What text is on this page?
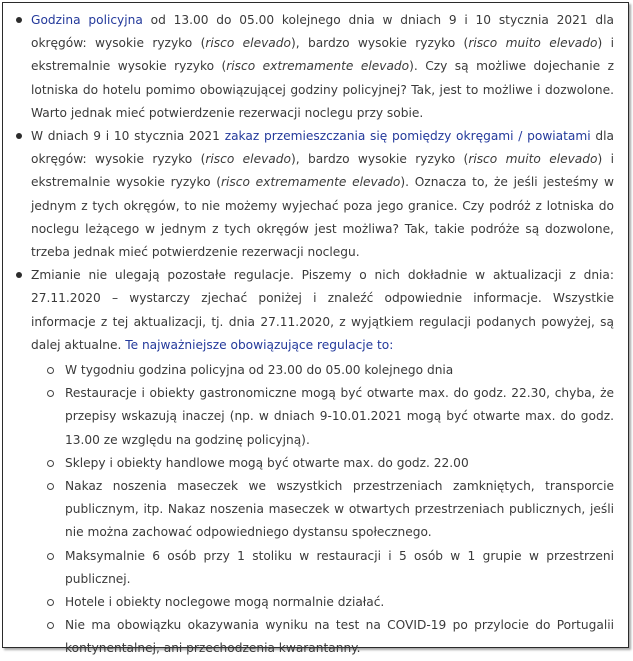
Godzina policyjna od 13.00 do 05.00 kolejnego dnia w dniach 9 i 10 stycznia 2021 dla okręgów: wysokie ryzyko (risco elevado), bardzo wysokie ryzyko (risco muito elevado) i ekstremalnie wysokie ryzyko (risco extremamente elevado). Czy są możliwe dojechanie z lotniska do hotelu pomimo obowiązującej godziny policyjnej? Tak, jest to możliwe i dozwolone. Warto jednak mieć potwierdzenie rezerwacji noclegu przy sobie.
W dniach 9 i 10 stycznia 2021 zakaz przemieszczania się pomiędzy okręgami / powiatami dla okręgów: wysokie ryzyko (risco elevado), bardzo wysokie ryzyko (risco muito elevado) i ekstremalnie wysokie ryzyko (risco extremamente elevado). Oznacza to, że jeśli jesteśmy w jednym z tych okręgów, to nie możemy wyjechać poza jego granice. Czy podróż z lotniska do noclegu leżącego w jednym z tych okręgów jest możliwa? Tak, takie podróże są dozwolone, trzeba jednak mieć potwierdzenie rezerwacji noclegu.
Zmianie nie ulegają pozostałe regulacje. Piszemy o nich dokładnie w aktualizacji z dnia: 27.11.2020 – wystarczy zjechać poniżej i znaleźć odpowiednie informacje. Wszystkie informacje z tej aktualizacji, tj. dnia 27.11.2020, z wyjątkiem regulacji podanych powyżej, są dalej aktualne. Te najważniejsze obowiązujące regulacje to:
W tygodniu godzina policyjna od 23.00 do 05.00 kolejnego dnia
Restauracje i obiekty gastronomiczne mogą być otwarte max. do godz. 22.30, chyba, że przepisy wskazują inaczej (np. w dniach 9-10.01.2021 mogą być otwarte max. do godz. 13.00 ze względu na godzinę policyjną).
Sklepy i obiekty handlowe mogą być otwarte max. do godz. 22.00
Nakaz noszenia maseczek we wszystkich przestrzeniach zamkniętych, transporcie publicznym, itp. Nakaz noszenia maseczek w otwartych przestrzeniach publicznych, jeśli nie można zachować odpowiedniego dystansu społecznego.
Maksymalnie 6 osób przy 1 stoliku w restauracji i 5 osób w 1 grupie w przestrzeni publicznej.
Hotele i obiekty noclegowe mogą normalnie działać.
Nie ma obowiązku okazywania wyniku na test na COVID-19 po przylocie do Portugalii kontynentalnej, ani przechodzenia kwarantanny.
